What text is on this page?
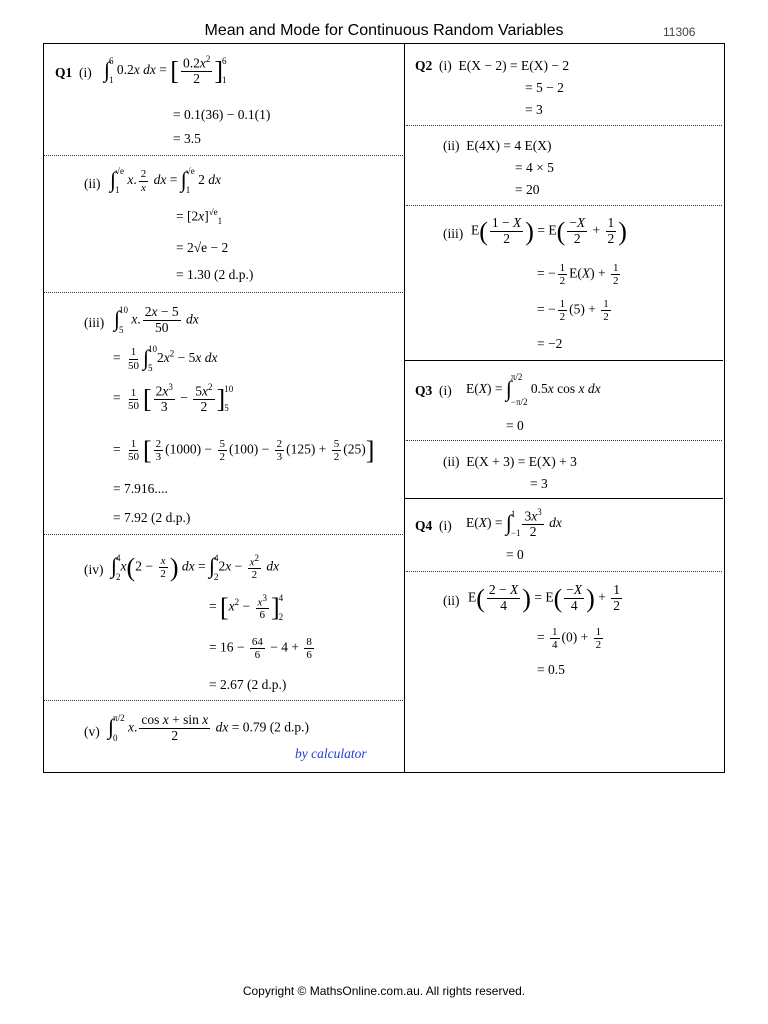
Mean and Mode for Continuous Random Variables	11306
Q1 (i) ∫ 6
1
0.2x dx = [ $\frac{0.2x^2}{2}$ ] 6
1
= 0.1(36) − 0.1(1)
= 3.5
(ii) ∫ √e
1
x. $\frac{2}{x}$ dx = ∫ √e
1
2 dx
= $[2x]^{√e}_1$
= 2√e − 2
= 1.30 (2 d.p.)
(iii) ∫ 10
5
x. $\frac{2x - 5}{50}$ dx
= $\frac{1}{50}$ ∫ 10
5
$2x^2 - 5x$ dx
= $\frac{1}{50}$ [ $\frac{2x^3}{3} - \frac{5x^2}{2}$ ] 10
5
= $\frac{1}{50}$ [ $\frac{2}{3} (1000) - \frac{5}{2} (100) - \frac{2}{3} (125) + \frac{5}{2} (25)$]
= 7.916....
= 7.92 (2 d.p.)
(iv) ∫ 4
2
$x(2 - \frac{x}{2}$ ) dx = ∫ 4
2
$2x - \frac{x^2}{2}$ dx
= [$x^2 - \frac{x^3}{6}$ ] 4
2
= $16 - \frac{64}{6} - 4 + \frac{8}{6}$
= 2.67 (2 d.p.)
(v) ∫ π/2
0
x. $\frac{\text{cos x + sin x}}{2}$ dx = 0.79 (2 d.p.)
by calculator
Q2 (i) E(X − 2) = E(X) − 2
= 5 − 2
= 3
(ii) E(4X) = 4 E(X)
= 4 × 5
= 20
(iii) $E( \frac{1 - X}{2}$ ) = $E( \frac{-X}{2} + \frac{1}{2}$ )
= − $\frac{1}{2} E(X) + \frac{1}{2}$
= − $\frac{1}{2} (5) + \frac{1}{2}$
= −2
Q3 (i) E(X) = ∫ π/2
−π/2
0.5x cos x dx
= 0
(ii) E(X + 3) = E(X) + 3
= 3
Q4 (i) E(X) = ∫ 1
$-1 \frac{3x^3}{2}$ dx
= 0
(ii) $E( \frac{2 - X}{4}$ ) = $E( \frac{-X}{4}$ ) + $\frac{1}{2}$
= $\frac{1}{4} (0) + \frac{1}{2}$
= 0.5
Copyright © MathsOnline.com.au. All rights reserved.
